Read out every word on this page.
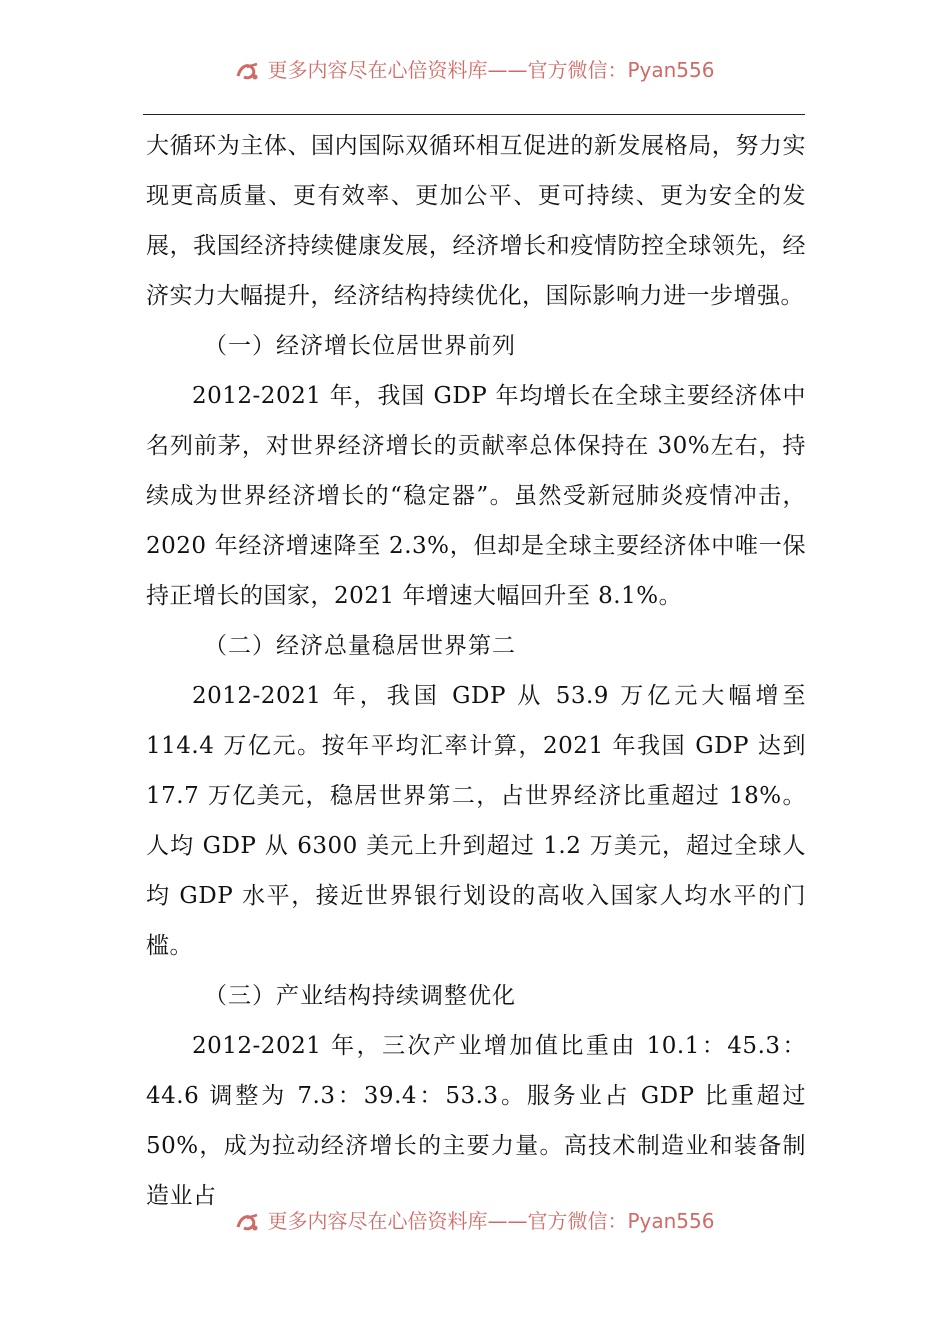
更多内容尽在心倍资料库——官方微信：Pyan556

大循环为主体、国内国际双循环相互促进的新发展格局，努力实现更高质量、更有效率、更加公平、更可持续、更为安全的发展，我国经济持续健康发展，经济增长和疫情防控全球领先，经济实力大幅提升，经济结构持续优化，国际影响力进一步增强。

（一）经济增长位居世界前列

2012-2021 年，我国 GDP 年均增长在全球主要经济体中名列前茅，对世界经济增长的贡献率总体保持在 30%左右，持续成为世界经济增长的“稳定器”。虽然受新冠肺炎疫情冲击，2020 年经济增速降至 2.3%，但却是全球主要经济体中唯一保持正增长的国家，2021 年增速大幅回升至 8.1%。

（二）经济总量稳居世界第二

2012-2021 年，我国 GDP 从 53.9 万亿元大幅增至 114.4 万亿元。按年平均汇率计算，2021 年我国 GDP 达到 17.7 万亿美元，稳居世界第二，占世界经济比重超过 18%。人均 GDP 从 6300 美元上升到超过 1.2 万美元，超过全球人均 GDP 水平，接近世界银行划设的高收入国家人均水平的门槛。

（三）产业结构持续调整优化

2012-2021 年，三次产业增加值比重由 10.1：45.3：44.6 调整为 7.3：39.4：53.3。服务业占 GDP 比重超过 50%，成为拉动经济增长的主要力量。高技术制造业和装备制造业占

更多内容尽在心倍资料库——官方微信：Pyan556
